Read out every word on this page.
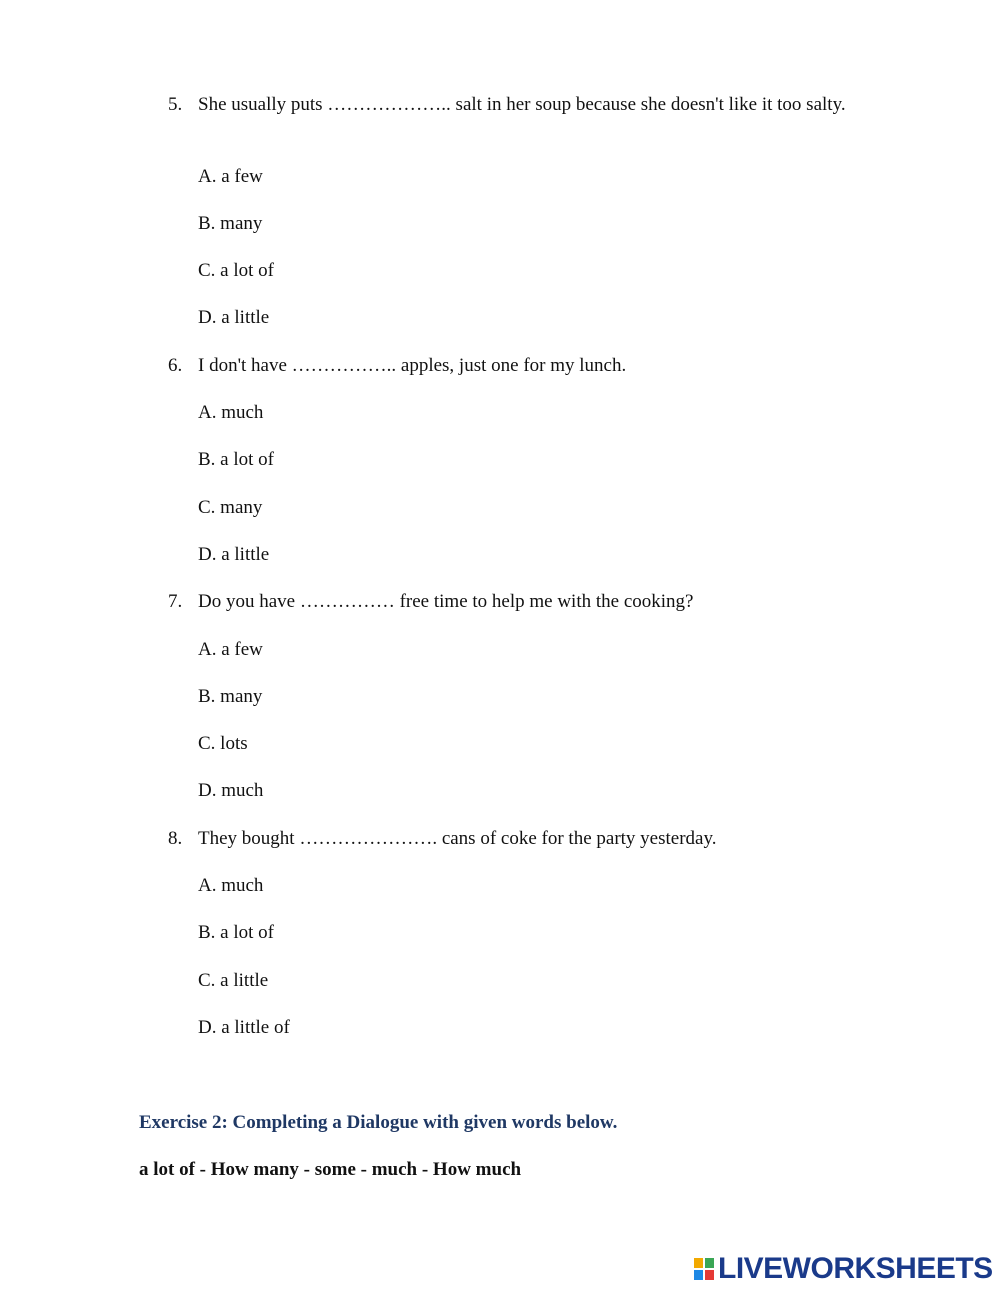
5. She usually puts ……………….. salt in her soup because she doesn't like it too salty.
A. a few
B. many
C. a lot of
D. a little
6. I don't have …………….. apples, just one for my lunch.
A. much
B. a lot of
C. many
D. a little
7. Do you have …………… free time to help me with the cooking?
A. a few
B. many
C. lots
D. much
8. They bought …………………. cans of coke for the party yesterday.
A. much
B. a lot of
C. a little
D. a little of
Exercise 2: Completing a Dialogue with given words below.
a lot of - How many - some - much - How much
LIVEWORKSHEETS
